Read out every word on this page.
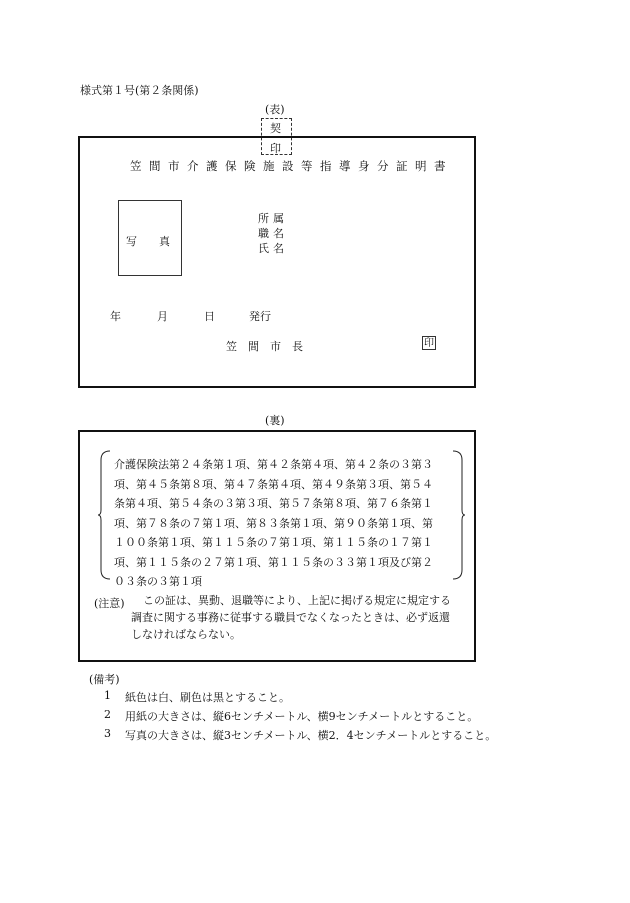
様式第１号(第２条関係)
(表)
契
印
笠間市介護保険施設等指導身分証明書
写　　真
所属
職名
氏名
年	月	日	発行
笠　間　市　長	印
(裏)
介護保険法第２４条第１項、第４２条第４項、第４２条の３第３
項、第４５条第８項、第４７条第４項、第４９条第３項、第５４
条第４項、第５４条の３第３項、第５７条第８項、第７６条第１
項、第７８条の７第１項、第８３条第１項、第９０条第１項、第
１００条第１項、第１１５条の７第１項、第１１５条の１７第１
項、第１１５条の２７第１項、第１１５条の３３第１項及び第２
０３条の３第１項
(注意) この証は、異動、退職等により、上記に掲げる規定に規定する
調査に関する事務に従事する職員でなくなったときは、必ず返還
しなければならない。
(備考)
1 紙色は白、刷色は黒とすること。
2 用紙の大きさは、縦6センチメートル、横9センチメートルとすること。
3 写真の大きさは、縦3センチメートル、横2．4センチメートルとすること。
